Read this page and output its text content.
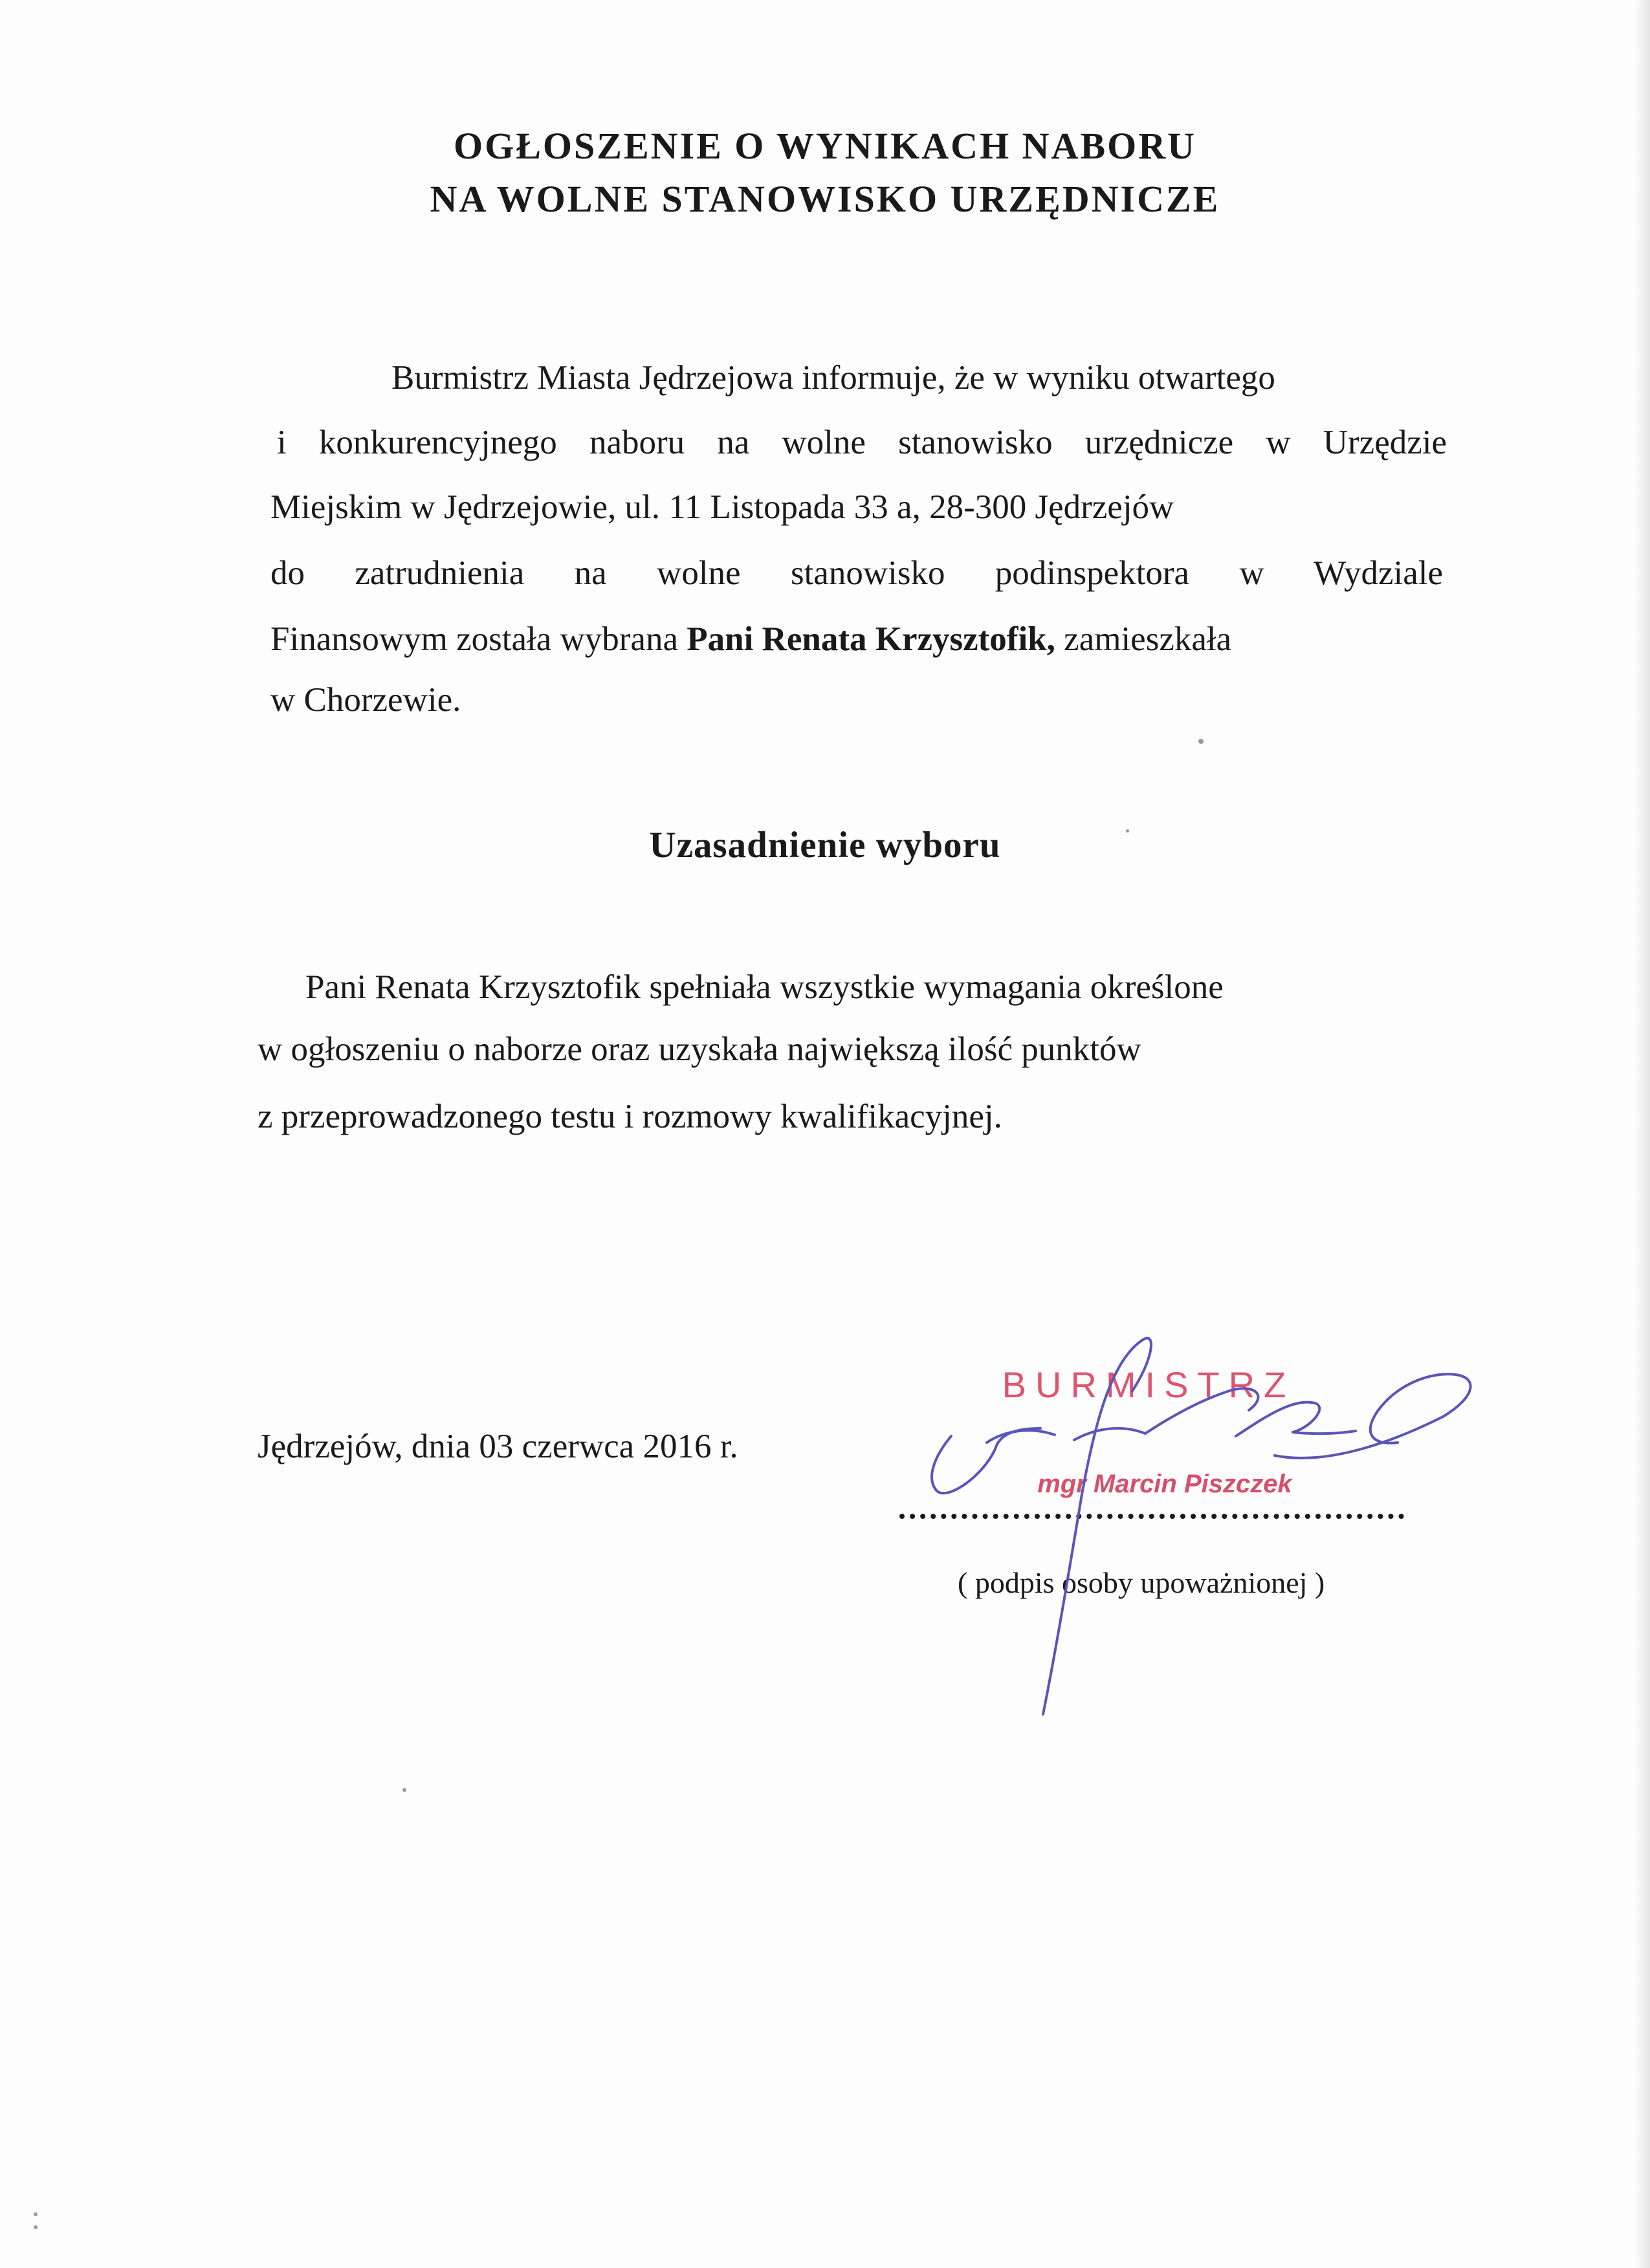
OGŁOSZENIE O WYNIKACH NABORU
NA WOLNE STANOWISKO URZĘDNICZE
Burmistrz Miasta Jędrzejowa informuje, że w wyniku otwartego
i konkurencyjnego naboru na wolne stanowisko urzędnicze w Urzędzie
Miejskim w Jędrzejowie, ul. 11 Listopada 33 a, 28-300 Jędrzejów
do zatrudnienia na wolne stanowisko podinspektora w Wydziale
Finansowym została wybrana Pani Renata Krzysztofik, zamieszkała
w Chorzewie.
Uzasadnienie wyboru
Pani Renata Krzysztofik spełniała wszystkie wymagania określone
w ogłoszeniu o naborze oraz uzyskała największą ilość punktów
z przeprowadzonego testu i rozmowy kwalifikacyjnej.
Jędrzejów, dnia 03 czerwca 2016 r.
BURMISTRZ
mgr Marcin Piszczek
( podpis osoby upoważnionej )
